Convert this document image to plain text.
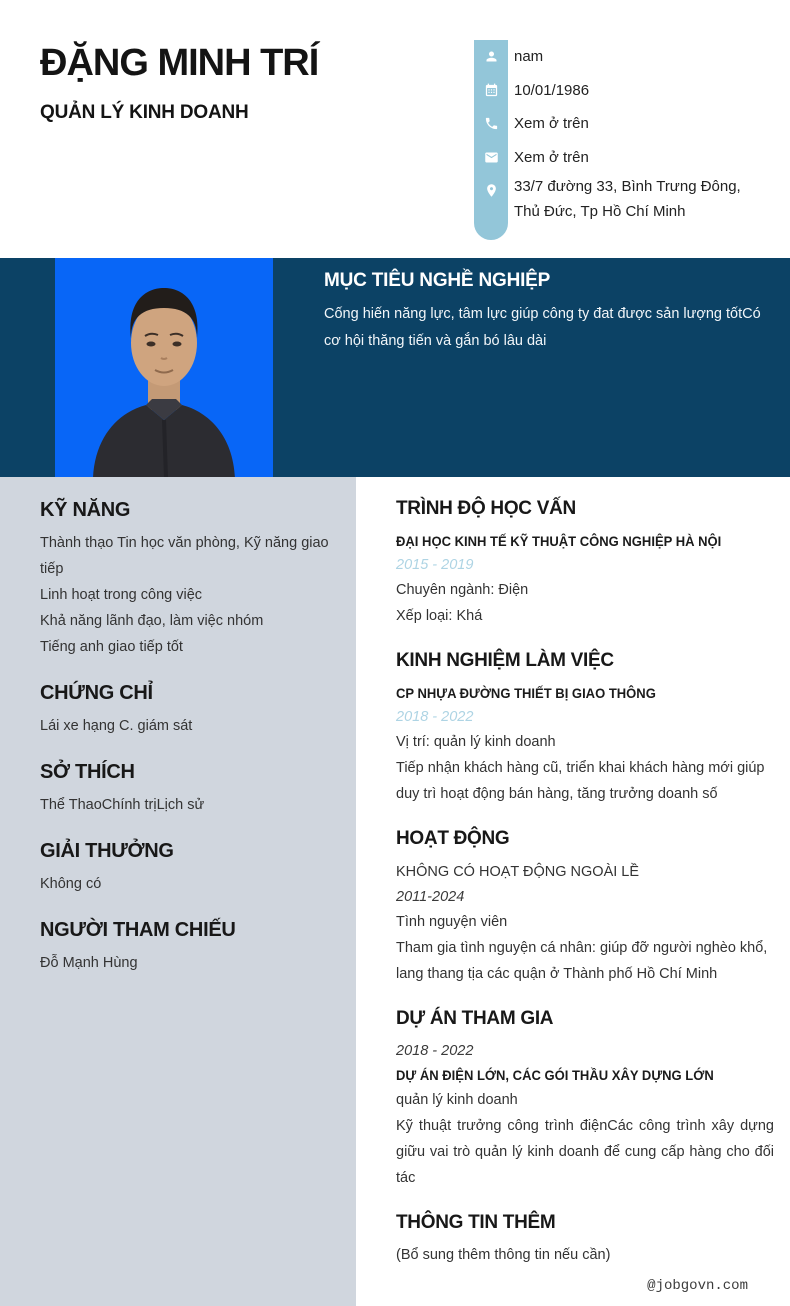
ĐẶNG MINH TRÍ
QUẢN LÝ KINH DOANH
nam
10/01/1986
Xem ở trên
Xem ở trên
33/7 đường 33, Bình Trưng Đông, Thủ Đức, Tp Hồ Chí Minh
MỤC TIÊU NGHỀ NGHIỆP

Cống hiến năng lực, tâm lực giúp công ty đat được sản lượng tốtCó cơ hội thăng tiến và gắn bó lâu dài

KỸ NĂNG
Thành thạo Tin học văn phòng, Kỹ năng giao tiếp
Linh hoạt trong công việc
Khả năng lãnh đạo, làm việc nhóm
Tiếng anh giao tiếp tốt
CHỨNG CHỈ
Lái xe hạng C. giám sát
SỞ THÍCH
Thể ThaoChính trịLịch sử
GIẢI THƯỞNG
Không có
NGƯỜI THAM CHIẾU
Đỗ Mạnh Hùng
TRÌNH ĐỘ HỌC VẤN
ĐẠI HỌC KINH TẾ KỸ THUẬT CÔNG NGHIỆP HÀ NỘI
2015 - 2019
Chuyên ngành: Điện
Xếp loại: Khá
KINH NGHIỆM LÀM VIỆC
CP NHỰA ĐƯỜNG THIẾT BỊ GIAO THÔNG
2018 - 2022
Vị trí: quản lý kinh doanh
Tiếp nhận khách hàng cũ, triển khai khách hàng mới giúp duy trì hoạt động bán hàng, tăng trưởng doanh số
HOẠT ĐỘNG
KHÔNG CÓ HOẠT ĐỘNG NGOÀI LỀ
2011-2024
Tình nguyện viên
Tham gia tình nguyện cá nhân: giúp đỡ người nghèo khổ, lang thang tịa các quận ở Thành phố Hồ Chí Minh
DỰ ÁN THAM GIA
2018 - 2022
DỰ ÁN ĐIỆN LỚN, CÁC GÓI THẦU XÂY DỰNG LỚN
quản lý kinh doanh
Kỹ thuật trưởng công trình điệnCác công trình xây dựng giữu vai trò quản lý kinh doanh để cung cấp hàng cho đối tác
THÔNG TIN THÊM
(Bổ sung thêm thông tin nếu cần)
@jobgovn.com
